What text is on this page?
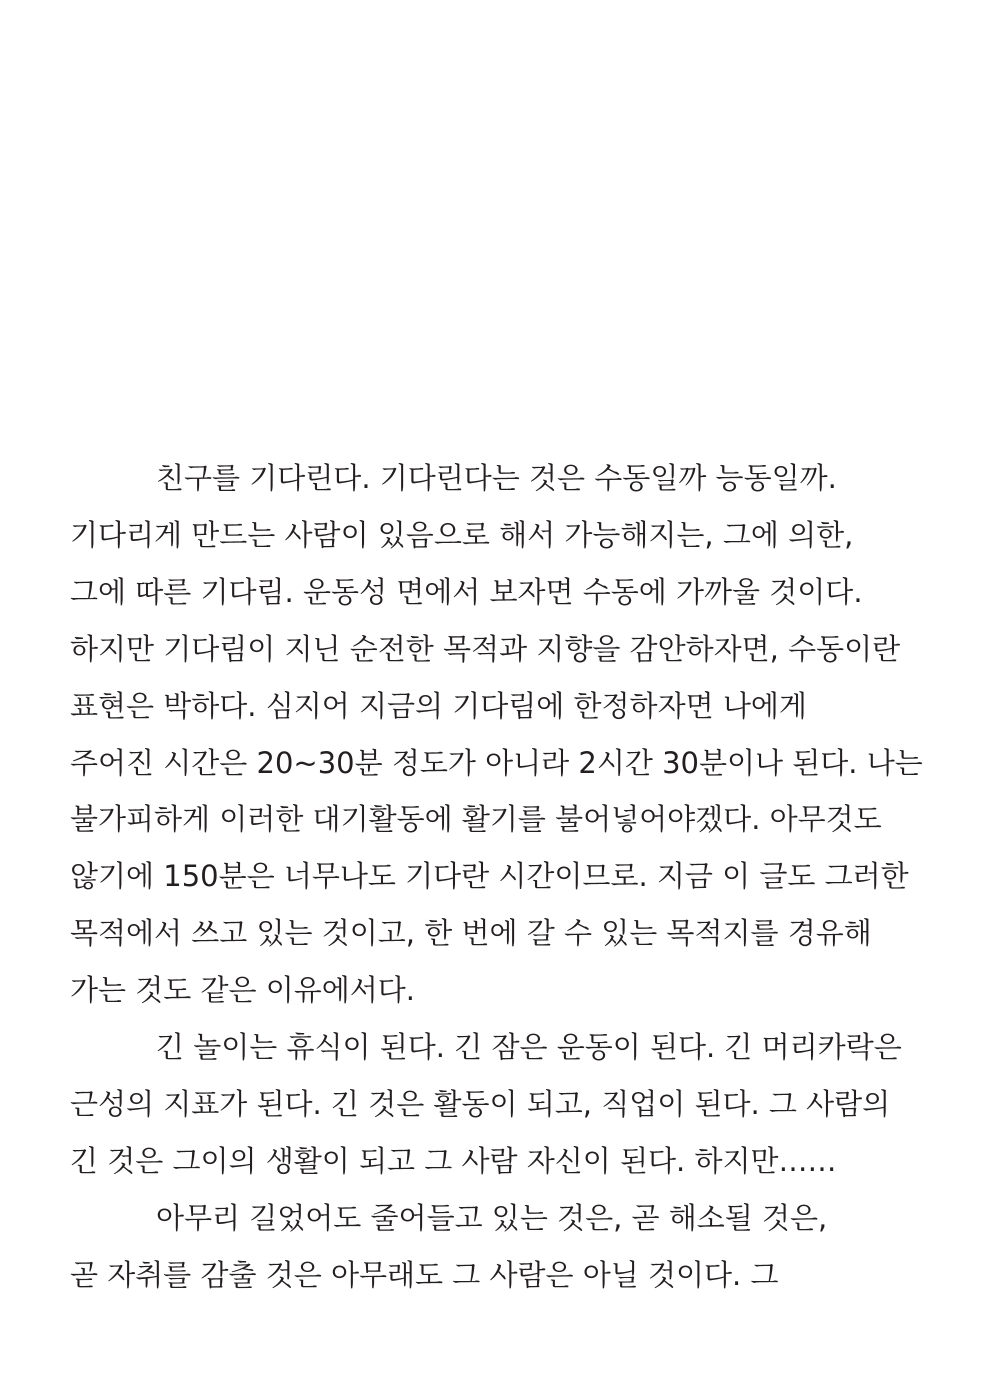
친구를 기다린다. 기다린다는 것은 수동일까 능동일까.
기다리게 만드는 사람이 있음으로 해서 가능해지는, 그에 의한,
그에 따른 기다림. 운동성 면에서 보자면 수동에 가까울 것이다.
하지만 기다림이 지닌 순전한 목적과 지향을 감안하자면, 수동이란
표현은 박하다. 심지어 지금의 기다림에 한정하자면 나에게
주어진 시간은 20~30분 정도가 아니라 2시간 30분이나 된다. 나는
불가피하게 이러한 대기활동에 활기를 불어넣어야겠다. 아무것도
않기에 150분은 너무나도 기다란 시간이므로. 지금 이 글도 그러한
목적에서 쓰고 있는 것이고, 한 번에 갈 수 있는 목적지를 경유해
가는 것도 같은 이유에서다.
긴 놀이는 휴식이 된다. 긴 잠은 운동이 된다. 긴 머리카락은
근성의 지표가 된다. 긴 것은 활동이 되고, 직업이 된다. 그 사람의
긴 것은 그이의 생활이 되고 그 사람 자신이 된다. 하지만……
아무리 길었어도 줄어들고 있는 것은, 곧 해소될 것은,
곧 자취를 감출 것은 아무래도 그 사람은 아닐 것이다. 그
